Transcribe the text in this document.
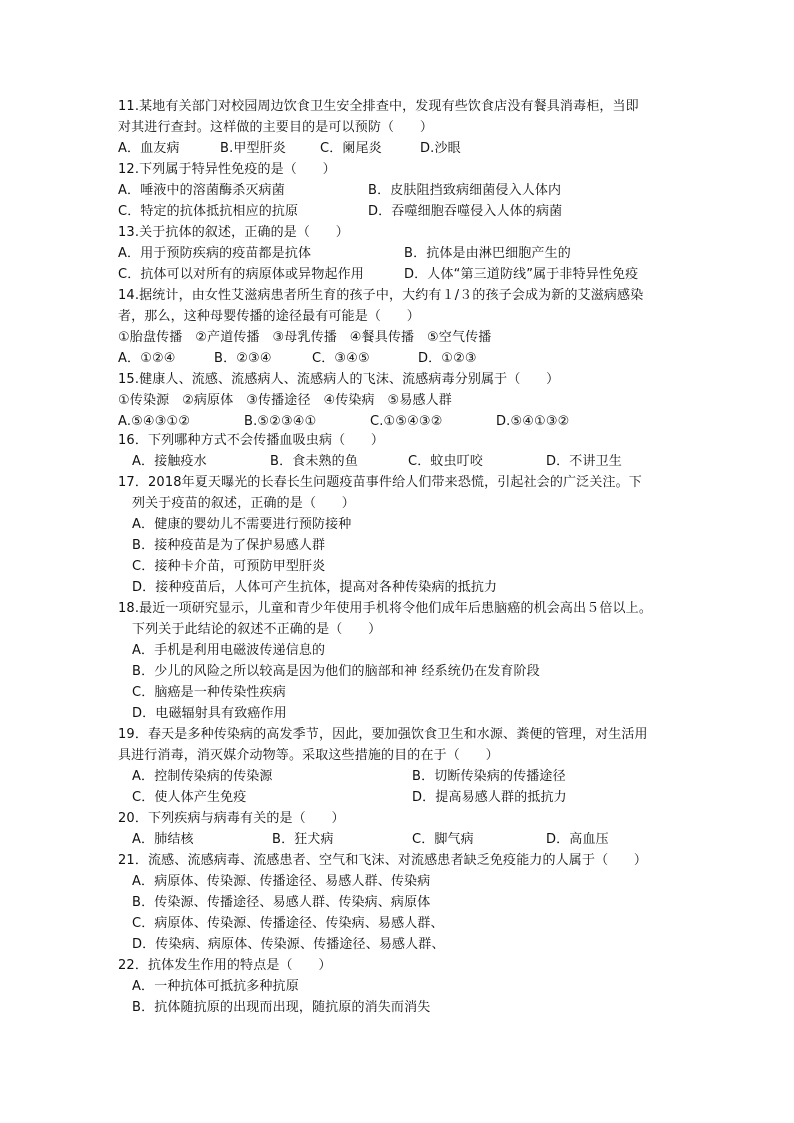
11.某地有关部门对校园周边饮食卫生安全排查中，发现有些饮食店没有餐具消毒柜，当即
对其进行查封。这样做的主要目的是可以预防（      ）
A．血友病	B.甲型肝炎	C．阑尾炎	D.沙眼
12.下列属于特异性免疫的是（      ）
A．唾液中的溶菌酶杀灭病菌	B．皮肤阻挡致病细菌侵入人体内
C．特定的抗体抵抗相应的抗原	D．吞噬细胞吞噬侵入人体的病菌
13.关于抗体的叙述，正确的是（      ）
A．用于预防疾病的疫苗都是抗体	B．抗体是由淋巴细胞产生的
C．抗体可以对所有的病原体或异物起作用	D．人体“第三道防线”属于非特异性免疫
14.据统计，由女性艾滋病患者所生育的孩子中，大约有１/３的孩子会成为新的艾滋病感染
者，那么，这种母婴传播的途径最有可能是（      ）
①胎盘传播   ②产道传播   ③母乳传播   ④餐具传播   ⑤空气传播
A．①②④	B．②③④	C．③④⑤	D．①②③
15.健康人、流感、流感病人、流感病人的飞沫、流感病毒分别属于（      ）
①传染源   ②病原体   ③传播途径   ④传染病   ⑤易感人群
A.⑤④③①②	B.⑤②③④①	C.①⑤④③②	D.⑤④①③②
16．下列哪种方式不会传播血吸虫病（      ）
A．接触疫水	B．食未熟的鱼	C．蚊虫叮咬	D．不讲卫生
17．2018年夏天曝光的长春长生问题疫苗事件给人们带来恐慌，引起社会的广泛关注。下
列关于疫苗的叙述，正确的是（      ）
A．健康的婴幼儿不需要进行预防接种
B．接种疫苗是为了保护易感人群
C．接种卡介苗，可预防甲型肝炎
D．接种疫苗后，人体可产生抗体，提高对各种传染病的抵抗力
18.最近一项研究显示，儿童和青少年使用手机将令他们成年后患脑癌的机会高出５倍以上。
下列关于此结论的叙述不正确的是（      ）
A．手机是利用电磁波传递信息的
B．少儿的风险之所以较高是因为他们的脑部和神 经系统仍在发育阶段
C．脑癌是一种传染性疾病
D．电磁辐射具有致癌作用
19．春天是多种传染病的高发季节，因此，要加强饮食卫生和水源、粪便的管理，对生活用
具进行消毒，消灭媒介动物等。采取这些措施的目的在于（      ）
A．控制传染病的传染源	B．切断传染病的传播途径
C．使人体产生免疫	D．提高易感人群的抵抗力
20．下列疾病与病毒有关的是（      ）
A．肺结核	B．狂犬病	C．脚气病	D．高血压
21．流感、流感病毒、流感患者、空气和飞沫、对流感患者缺乏免疫能力的人属于（      ）
A．病原体、传染源、传播途径、易感人群、传染病
B．传染源、传播途径、易感人群、传染病、病原体
C．病原体、传染源、传播途径、传染病、易感人群、
D．传染病、病原体、传染源、传播途径、易感人群、
22．抗体发生作用的特点是（      ）
A．一种抗体可抵抗多种抗原
B．抗体随抗原的出现而出现，随抗原的消失而消失
